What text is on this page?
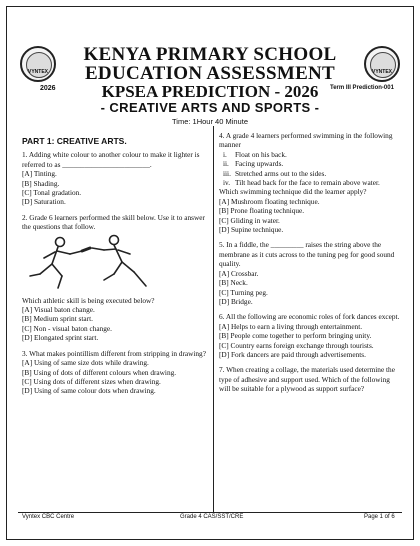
VYNTEX	VYNTEX
2026	Term III Prediction-001
KENYA PRIMARY SCHOOL
EDUCATION ASSESSMENT
KPSEA PREDICTION - 2026
- CREATIVE ARTS AND SPORTS -
Time: 1Hour 40 Minute
PART 1: CREATIVE ARTS.

1. Adding white colour to another colour to make it lighter is referred to as ________________________.

[A] Tinting.

[B] Shading.

[C] Tonal gradation.

[D] Saturation.

2. Grade 6 learners performed the skill below. Use it to answer the questions that follow.

Which athletic skill is being executed below?

[A] Visual baton change.

[B] Medium sprint start.

[C] Non - visual baton change.

[D] Elongated sprint start.

3. What makes pointillism different from stripping in drawing?

[A] Using of same size dots while drawing.

[B] Using of dots of different colours when drawing.

[C] Using dots of different sizes when drawing.

[D] Using of same colour dots when drawing.

4. A grade 4 learners performed swimming in the following manner

i. Float on his back.
ii. Facing upwards.
iii. Stretched arms out to the sides.
iv. Tilt head back for the face to remain above water.

Which swimming technique did the learner apply?

[A] Mushroom floating technique.

[B] Prone floating technique.

[C] Gliding in water.

[D] Supine technique.

5. In a fiddle, the _________ raises the string above the membrane as it cuts across to the tuning peg for good sound quality.

[A] Crossbar.

[B] Neck.

[C] Turning peg.

[D] Bridge.

6. All the following are economic roles of fork dances except.

[A] Helps to earn a living through entertainment.

[B] People come together to perform bringing unity.

[C] Country earns foreign exchange through tourists.

[D] Fork dancers are paid through advertisements.

7. When creating a collage, the materials used determine the type of adhesive and support used. Which of the following will be suitable for a plywood as support surface?

Vyntex CBC Centre	Grade 4 CAS/SST/CRE	Page 1 of 6
